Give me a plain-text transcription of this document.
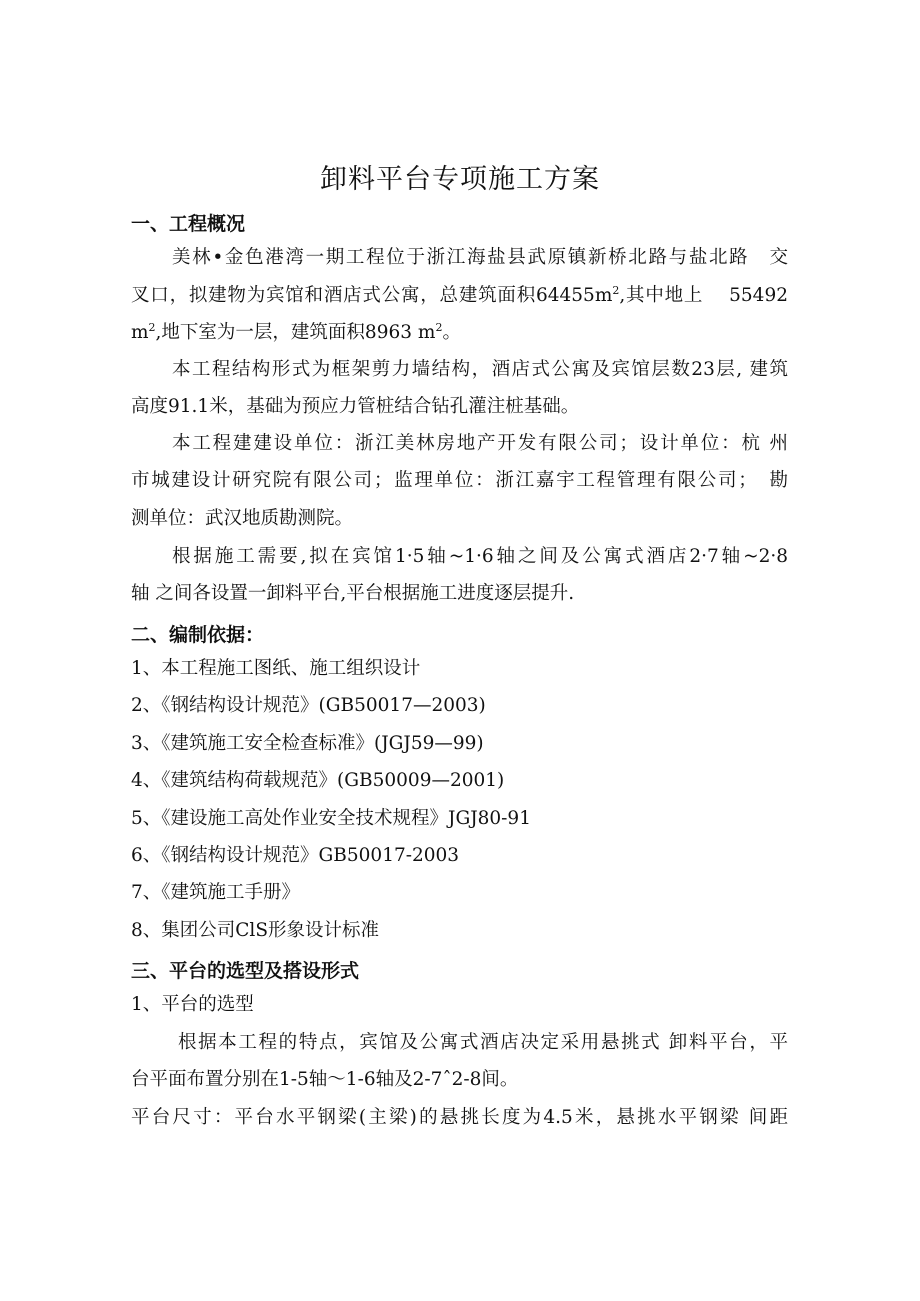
卸料平台专项施工方案
一、工程概况
美林•金色港湾一期工程位于浙江海盐县武原镇新桥北路与盐北路　交
叉口，拟建物为宾馆和酒店式公寓，总建筑面积$64455m^2$,其中地上　 55492
$m^2$,地下室为一层，建筑面积8963 $m^2$。
本工程结构形式为框架剪力墙结构，酒店式公寓及宾馆层数23层, 建筑
高度91.1米，基础为预应力管桩结合钻孔灌注桩基础。
本工程建建设单位：浙江美林房地产开发有限公司；设计单位：杭 州
市城建设计研究院有限公司；监理单位：浙江嘉宇工程管理有限公司；　勘
测单位：武汉地质勘测院。
根据施工需要,拟在宾馆1·5轴~1·6轴之间及公寓式酒店2·7轴~2·8
轴 之间各设置一卸料平台,平台根据施工进度逐层提升.
二、编制依据：
1、本工程施工图纸、施工组织设计
2、《钢结构设计规范》(GB50017—2003)
3、《建筑施工安全检查标准》(JGJ59—99)
4、《建筑结构荷载规范》(GB50009—2001)
5、《建设施工高处作业安全技术规程》JGJ80-91
6、《钢结构设计规范》GB50017-2003
7、《建筑施工手册》
8、集团公司ClS形象设计标准
三、平台的选型及搭设形式
1、平台的选型
根据本工程的特点，宾馆及公寓式酒店决定采用悬挑式 卸料平台，平
台平面布置分别在1-5轴～1-6轴及2-7ˆ2-8间。
平台尺寸：平台水平钢梁(主梁)的悬挑长度为4.5米，悬挑水平钢梁 间距
